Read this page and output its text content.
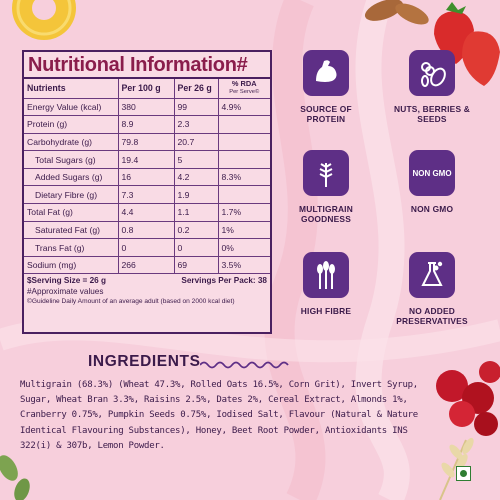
Nutritional Information#
Nutrients	Per 100 g	Per 26 g	% RDA
Per Serve©

Energy Value (kcal)	380	99	4.9%
Protein (g)	8.9	2.3	
Carbohydrate (g)	79.8	20.7	
Total Sugars (g)	19.4	5	
Added Sugars (g)	16	4.2	8.3%
Dietary Fibre (g)	7.3	1.9	
Total Fat (g)	4.4	1.1	1.7%
Saturated Fat (g)	0.8	0.2	1%
Trans Fat (g)	0	0	0%
Sodium (mg)	266	69	3.5%
$Serving Size = 26 g	Servings Per Pack: 38
#Approximate values
©Guideline Daily Amount of an average adult (based on 2000 kcal diet)
SOURCE OF PROTEIN
NUTS, BERRIES & SEEDS
MULTIGRAIN GOODNESS
NON GMO
NON GMO
HIGH FIBRE	NO ADDED PRESERVATIVES
INGREDIENTS
Multigrain (68.3%) (Wheat 47.3%, Rolled Oats 16.5%, Corn Grit), Invert Syrup, Sugar, Wheat Bran 3.3%, Raisins 2.5%, Dates 2%, Cereal Extract, Almonds 1%, Cranberry 0.75%, Pumpkin Seeds 0.75%, Iodised Salt, Flavour (Natural & Nature Identical Flavouring Substances), Honey, Beet Root Powder, Antioxidants INS 322(i) & 307b, Lemon Powder.
